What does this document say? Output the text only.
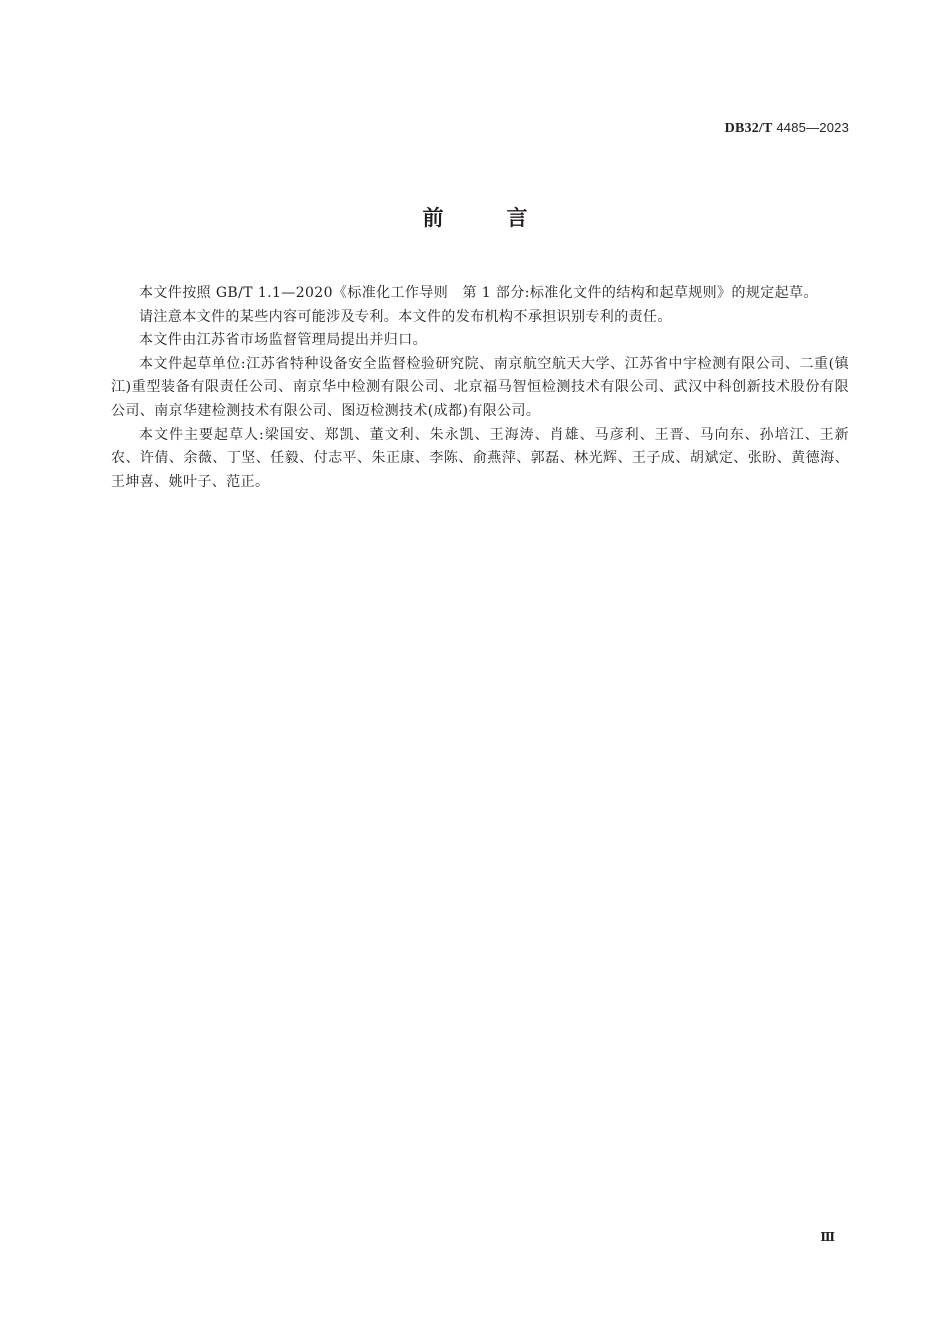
DB32/T 4485—2023
前	言

本文件按照 GB/T 1.1—2020《标准化工作导则　第 1 部分:标准化文件的结构和起草规则》的规定起草。

请注意本文件的某些内容可能涉及专利。本文件的发布机构不承担识别专利的责任。

本文件由江苏省市场监督管理局提出并归口。

本文件起草单位:江苏省特种设备安全监督检验研究院、南京航空航天大学、江苏省中宇检测有限公司、二重(镇江)重型装备有限责任公司、南京华中检测有限公司、北京福马智恒检测技术有限公司、武汉中科创新技术股份有限公司、南京华建检测技术有限公司、图迈检测技术(成都)有限公司。

本文件主要起草人:梁国安、郑凯、董文利、朱永凯、王海涛、肖雄、马彦利、王晋、马向东、孙培江、王新农、许倩、余薇、丁坚、任毅、付志平、朱正康、李陈、俞燕萍、郭磊、林光辉、王子成、胡斌定、张盼、黄德海、王坤喜、姚叶子、范正。

Ⅲ
